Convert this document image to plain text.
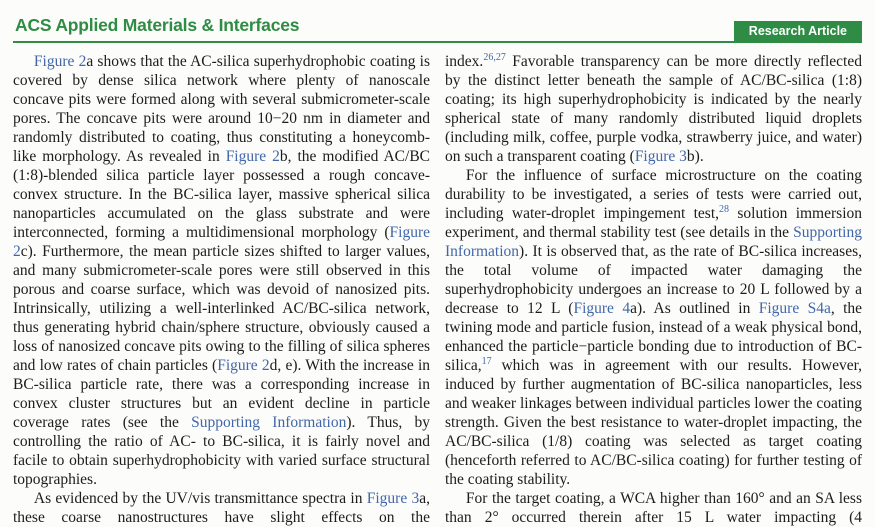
ACS Applied Materials & Interfaces	Research Article

Figure 2a shows that the AC-silica superhydrophobic coating is covered by dense silica network where plenty of nanoscale concave pits were formed along with several submicrometer-scale pores. The concave pits were around 10−20 nm in diameter and randomly distributed to coating, thus constituting a honeycomb-like morphology. As revealed in Figure 2b, the modified AC/BC (1:8)-blended silica particle layer possessed a rough concave-convex structure. In the BC-silica layer, massive spherical silica nanoparticles accumulated on the glass substrate and were interconnected, forming a multidimensional morphology (Figure 2c). Furthermore, the mean particle sizes shifted to larger values, and many submicrometer-scale pores were still observed in this porous and coarse surface, which was devoid of nanosized pits. Intrinsically, utilizing a well-interlinked AC/BC-silica network, thus generating hybrid chain/sphere structure, obviously caused a loss of nanosized concave pits owing to the filling of silica spheres and low rates of chain particles (Figure 2d, e). With the increase in BC-silica particle rate, there was a corresponding increase in convex cluster structures but an evident decline in particle coverage rates (see the Supporting Information). Thus, by controlling the ratio of AC- to BC-silica, it is fairly novel and facile to obtain superhydrophobicity with varied surface structural topographies.

As evidenced by the UV/vis transmittance spectra in Figure 3a, these coarse nanostructures have slight effects on the

index.$^{26,27}$ Favorable transparency can be more directly reflected by the distinct letter beneath the sample of AC/BC-silica (1:8) coating; its high superhydrophobicity is indicated by the nearly spherical state of many randomly distributed liquid droplets (including milk, coffee, purple vodka, strawberry juice, and water) on such a transparent coating (Figure 3b).

For the influence of surface microstructure on the coating durability to be investigated, a series of tests were carried out, including water-droplet impingement test,$^{28}$ solution immersion experiment, and thermal stability test (see details in the Supporting Information). It is observed that, as the rate of BC-silica increases, the total volume of impacted water damaging the superhydrophobicity undergoes an increase to 20 L followed by a decrease to 12 L (Figure 4a). As outlined in Figure S4a, the twining mode and particle fusion, instead of a weak physical bond, enhanced the particle−particle bonding due to introduction of BC-silica,$^{17}$ which was in agreement with our results. However, induced by further augmentation of BC-silica nanoparticles, less and weaker linkages between individual particles lower the coating strength. Given the best resistance to water-droplet impacting, the AC/BC-silica (1/8) coating was selected as target coating (henceforth referred to AC/BC-silica coating) for further testing of the coating stability.

For the target coating, a WCA higher than 160° and an SA less than 2° occurred therein after 15 L water impacting (4
